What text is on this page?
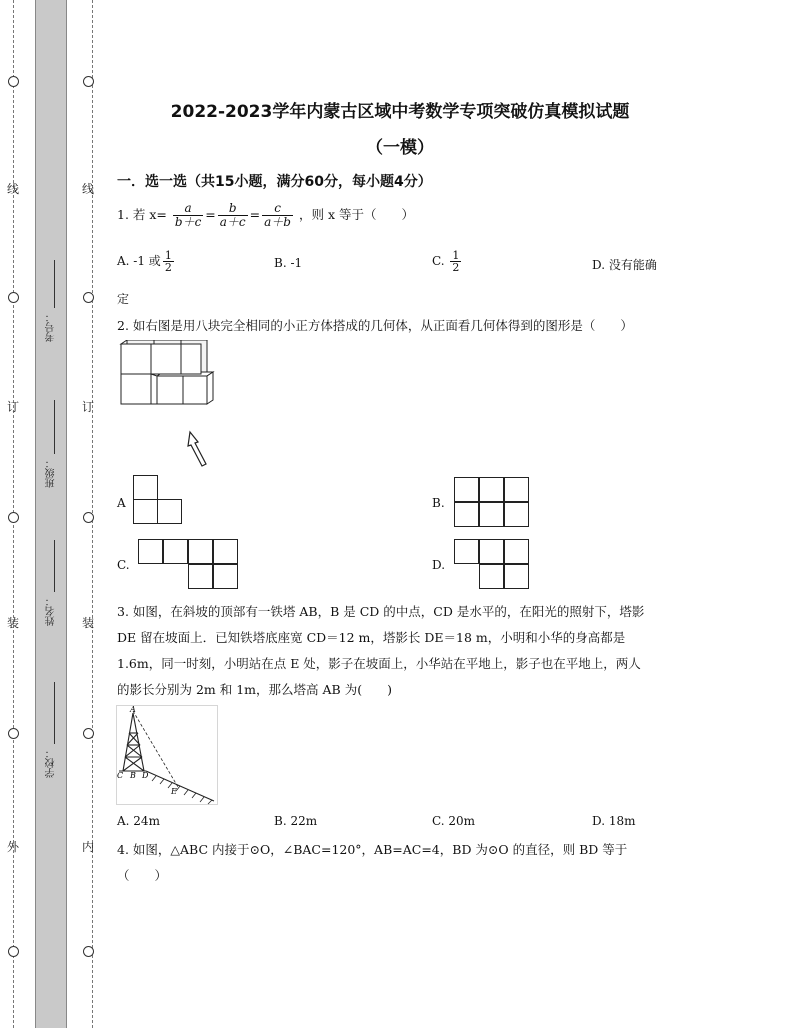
线
订
装
外
线
订
装
内
考号：
班级：
姓名：
学校：
2022-2023学年内蒙古区域中考数学专项突破仿真模拟试题
（一模）
一．选一选（共15小题，满分60分，每小题4分）
1. 若 $x= \frac{a}{b+c} = \frac{b}{a+c} = \frac{c}{a+b}$ ，则 x 等于（　　）
A. -1 或 $\frac{1}{2}$	B. -1	C. $\frac{1}{2}$	D. 没有能确
定
2. 如右图是用八块完全相同的小正方体搭成的几何体，从正面看几何体得到的图形是（　　）
A	B.
C.	D.
3. 如图，在斜坡的顶部有一铁塔 AB，B 是 CD 的中点，CD 是水平的，在阳光的照射下，塔影
DE 留在坡面上．已知铁塔底座宽 CD＝12 m，塔影长 DE＝18 m，小明和小华的身高都是
1.6m，同一时刻，小明站在点 E 处，影子在坡面上，小华站在平地上，影子也在平地上，两人
的影长分别为 2m 和 1m，那么塔高 AB 为(　　)
A
C B D
E
A. 24m	B. 22m	C. 20m	D. 18m
4. 如图，△ABC 内接于⊙O，∠BAC=120°，AB=AC=4，BD 为⊙O 的直径，则 BD 等于
（　　）
